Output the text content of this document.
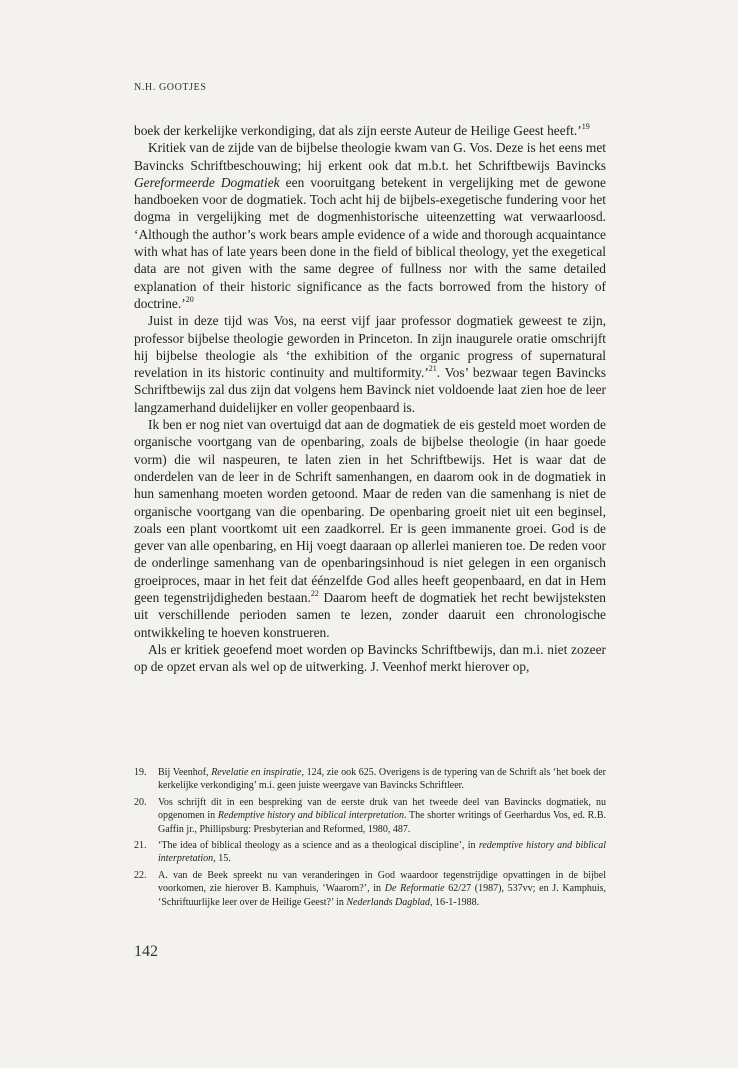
N.H. GOOTJES

boek der kerkelijke verkondiging, dat als zijn eerste Auteur de Heilige Geest heeft.’$^{19}$

Kritiek van de zijde van de bijbelse theologie kwam van G. Vos. Deze is het eens met Bavincks Schriftbeschouwing; hij erkent ook dat m.b.t. het Schriftbewijs Bavincks Gereformeerde Dogmatiek een vooruitgang betekent in vergelijking met de gewone handboeken voor de dogmatiek. Toch acht hij de bijbels-exegetische fundering voor het dogma in vergelijking met de dogmenhistorische uiteenzetting wat verwaarloosd. ‘Although the author’s work bears ample evidence of a wide and thorough acquaintance with what has of late years been done in the field of biblical theology, yet the exegetical data are not given with the same degree of fullness nor with the same detailed explanation of their historic significance as the facts borrowed from the history of doctrine.’$^{20}$

Juist in deze tijd was Vos, na eerst vijf jaar professor dogmatiek geweest te zijn, professor bijbelse theologie geworden in Princeton. In zijn inaugurele oratie omschrijft hij bijbelse theologie als ‘the exhibition of the organic progress of supernatural revelation in its historic continuity and multiformity.’$^{21}$. Vos’ bezwaar tegen Bavincks Schriftbewijs zal dus zijn dat volgens hem Bavinck niet voldoende laat zien hoe de leer langzamerhand duidelijker en voller geopenbaard is.

Ik ben er nog niet van overtuigd dat aan de dogmatiek de eis gesteld moet worden de organische voortgang van de openbaring, zoals de bijbelse theologie (in haar goede vorm) die wil naspeuren, te laten zien in het Schriftbewijs. Het is waar dat de onderdelen van de leer in de Schrift samenhangen, en daarom ook in de dogmatiek in hun samenhang moeten worden getoond. Maar de reden van die samenhang is niet de organische voortgang van die openbaring. De openbaring groeit niet uit een beginsel, zoals een plant voortkomt uit een zaadkorrel. Er is geen immanente groei. God is de gever van alle openbaring, en Hij voegt daaraan op allerlei manieren toe. De reden voor de onderlinge samenhang van de openbaringsinhoud is niet gelegen in een organisch groeiproces, maar in het feit dat éénzelfde God alles heeft geopenbaard, en dat in Hem geen tegenstrijdigheden bestaan.$^{22}$ Daarom heeft de dogmatiek het recht bewijsteksten uit verschillende perioden samen te lezen, zonder daaruit een chronologische ontwikkeling te hoeven konstrueren.

Als er kritiek geoefend moet worden op Bavincks Schriftbewijs, dan m.i. niet zozeer op de opzet ervan als wel op de uitwerking. J. Veenhof merkt hierover op,

19.	Bij Veenhof, Revelatie en inspiratie, 124, zie ook 625. Overigens is de typering van de Schrift als ‘het boek der kerkelijke verkondiging’ m.i. geen juiste weergave van Bavincks Schriftleer.
20.	Vos schrijft dit in een bespreking van de eerste druk van het tweede deel van Bavincks dogmatiek, nu opgenomen in Redemptive history and biblical interpretation. The shorter writings of Geerhardus Vos, ed. R.B. Gaffin jr., Phillipsburg: Presbyterian and Reformed, 1980, 487.
21.	‘The idea of biblical theology as a science and as a theological discipline’, in redemptive history and biblical interpretation, 15.
22.	A. van de Beek spreekt nu van veranderingen in God waardoor tegenstrijdige opvattingen in de bijbel voorkomen, zie hierover B. Kamphuis, ‘Waarom?’, in De Reformatie 62/27 (1987), 537vv; en J. Kamphuis, ‘Schriftuurlijke leer over de Heilige Geest?’ in Nederlands Dagblad, 16-1-1988.
142
